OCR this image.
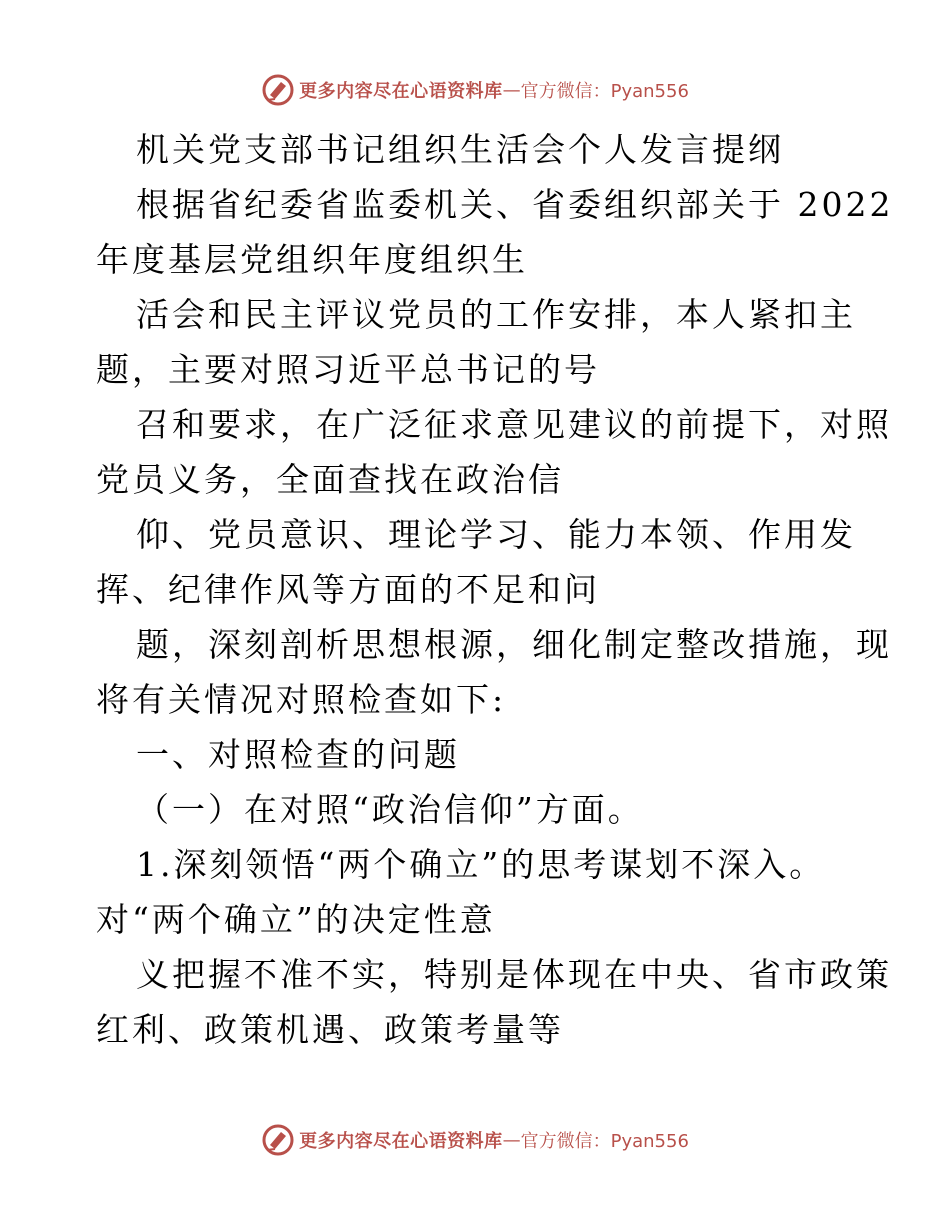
更多内容尽在心语资料库 — 官方微信：Pyan556
机关党支部书记组织生活会个人发言提纲
根据省纪委省监委机关、省委组织部关于 2022
年度基层党组织年度组织生
活会和民主评议党员的工作安排，本人紧扣主
题，主要对照习近平总书记的号
召和要求，在广泛征求意见建议的前提下，对照
党员义务，全面查找在政治信
仰、党员意识、理论学习、能力本领、作用发
挥、纪律作风等方面的不足和问
题，深刻剖析思想根源，细化制定整改措施，现
将有关情况对照检查如下:
一、对照检查的问题
（一）在对照“政治信仰”方面。
1.深刻领悟“两个确立”的思考谋划不深入。
对“两个确立”的决定性意
义把握不准不实，特别是体现在中央、省市政策
红利、政策机遇、政策考量等
更多内容尽在心语资料库 — 官方微信：Pyan556
